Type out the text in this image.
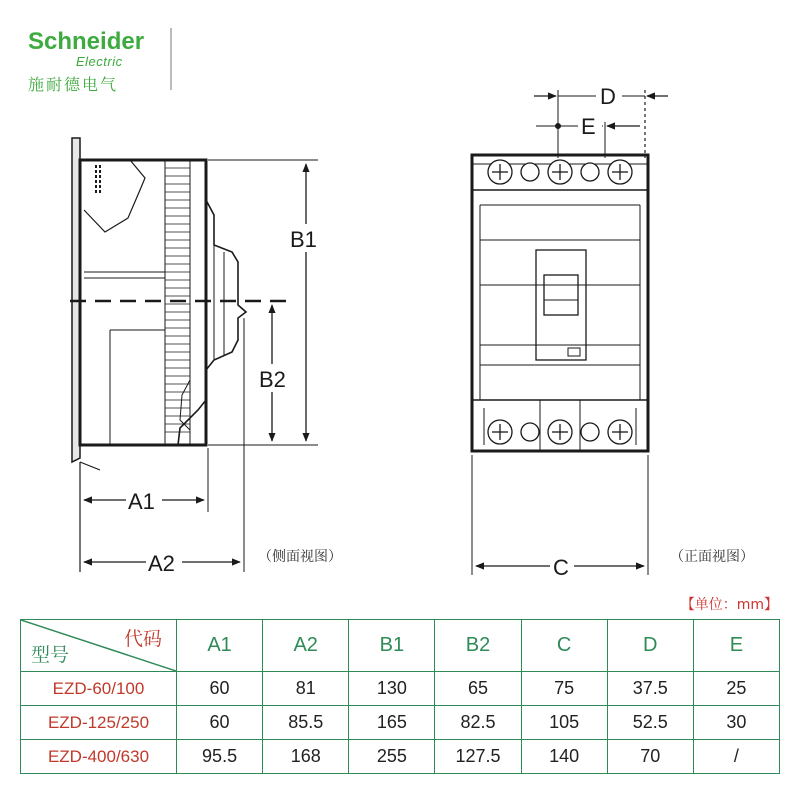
Schneider
Electric
施耐德电气
B1
B2
A1
A2
D
E
C
（侧面视图）	（正面视图）
【单位：mm】
代码
型号	A1	A2	B1	B2	C	D	E
EZD-60/100	60	81	130	65	75	37.5	25
EZD-125/250	60	85.5	165	82.5	105	52.5	30
EZD-400/630	95.5	168	255	127.5	140	70	/
